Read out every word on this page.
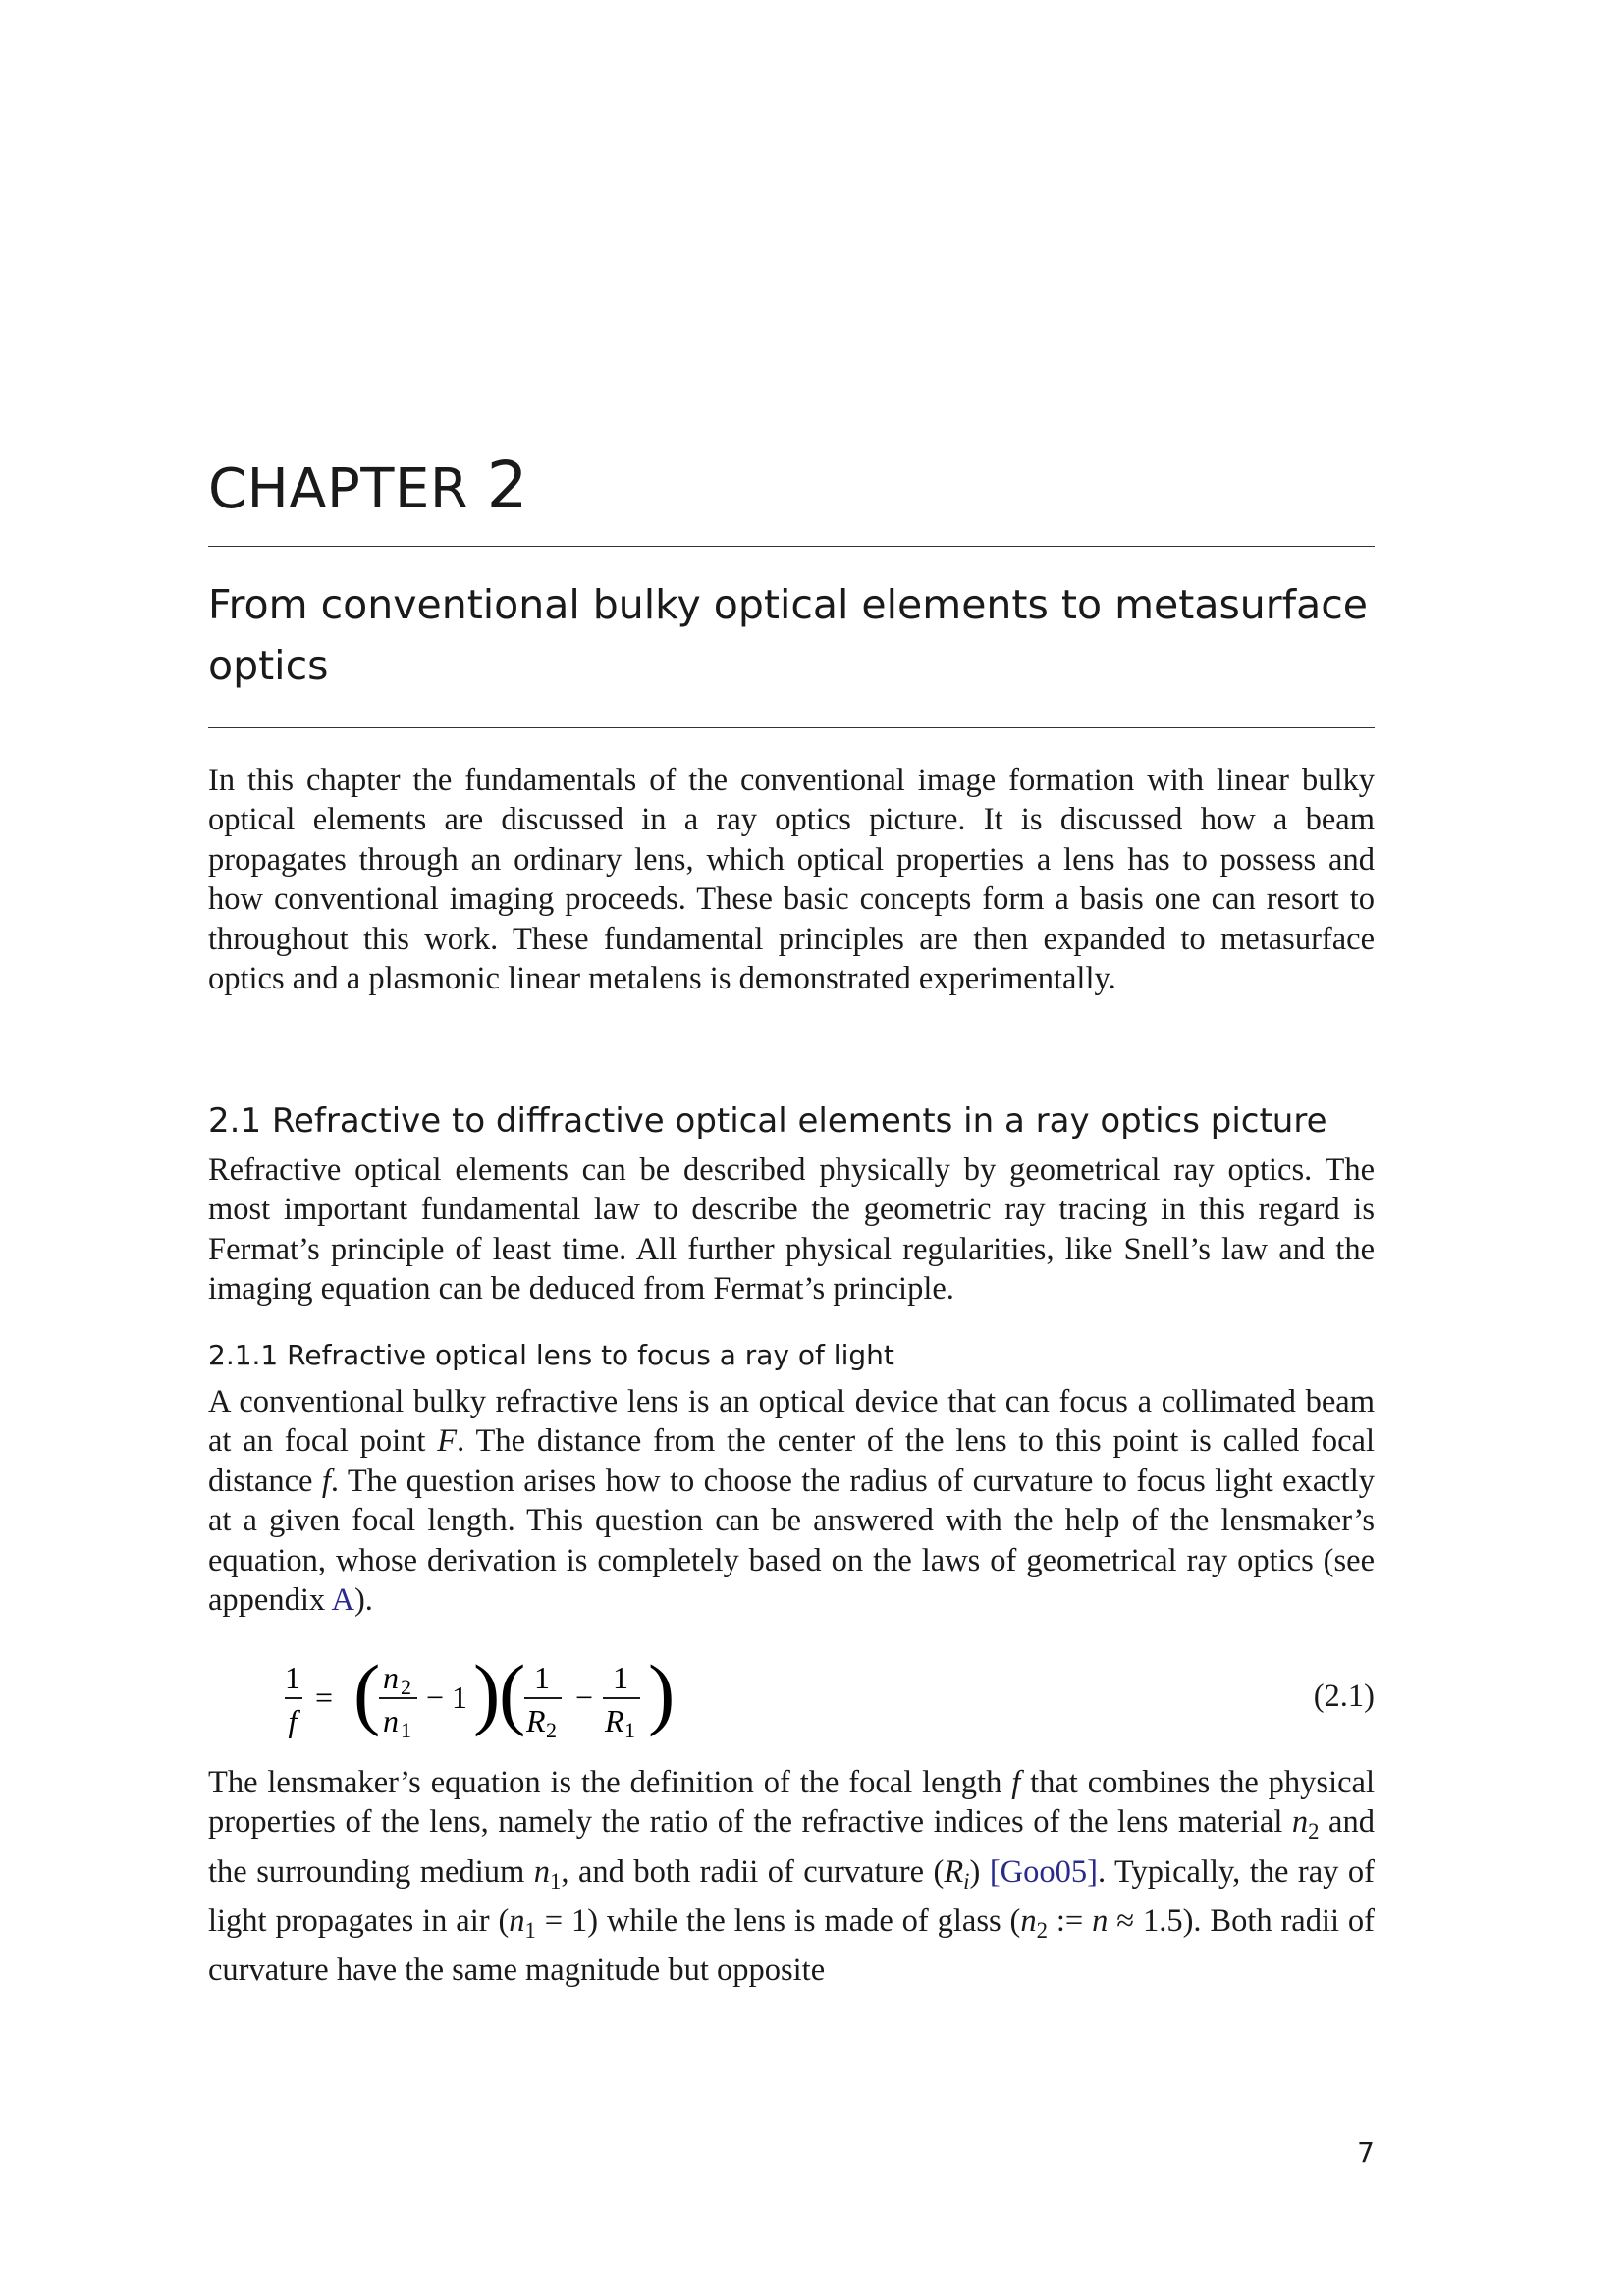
CHAPTER 2
From conventional bulky optical elements to metasurface optics

In this chapter the fundamentals of the conventional image formation with linear bulky optical elements are discussed in a ray optics picture. It is discussed how a beam propagates through an ordinary lens, which optical properties a lens has to possess and how conventional imaging proceeds. These basic concepts form a basis one can resort to throughout this work. These fundamental principles are then expanded to metasurface optics and a plasmonic linear metalens is demonstrated experimentally.

2.1 Refractive to diffractive optical elements in a ray optics picture

Refractive optical elements can be described physically by geometrical ray optics. The most important fundamental law to describe the geometric ray tracing in this regard is Fermat’s principle of least time. All further physical regularities, like Snell’s law and the imaging equation can be deduced from Fermat’s principle.

2.1.1 Refractive optical lens to focus a ray of light

A conventional bulky refractive lens is an optical device that can focus a collimated beam at an focal point F. The distance from the center of the lens to this point is called focal distance f. The question arises how to choose the radius of curvature to focus light exactly at a given focal length. This question can be answered with the help of the lensmaker’s equation, whose derivation is completely based on the laws of geometrical ray optics (see appendix A).

1
f
= ( n 2
n 1
− 1 )
( 1
R 2
−
1
R 1 )	(2.1)

The lensmaker’s equation is the definition of the focal length f that combines the physical properties of the lens, namely the ratio of the refractive indices of the lens material $n_2$ and the surrounding medium $n_1$, and both radii of curvature $(R_i)$ [Goo05]. Typically, the ray of light propagates in air $(n_1 = 1)$ while the lens is made of glass ($n_2$ := n ≈ 1.5). Both radii of curvature have the same magnitude but opposite

7
